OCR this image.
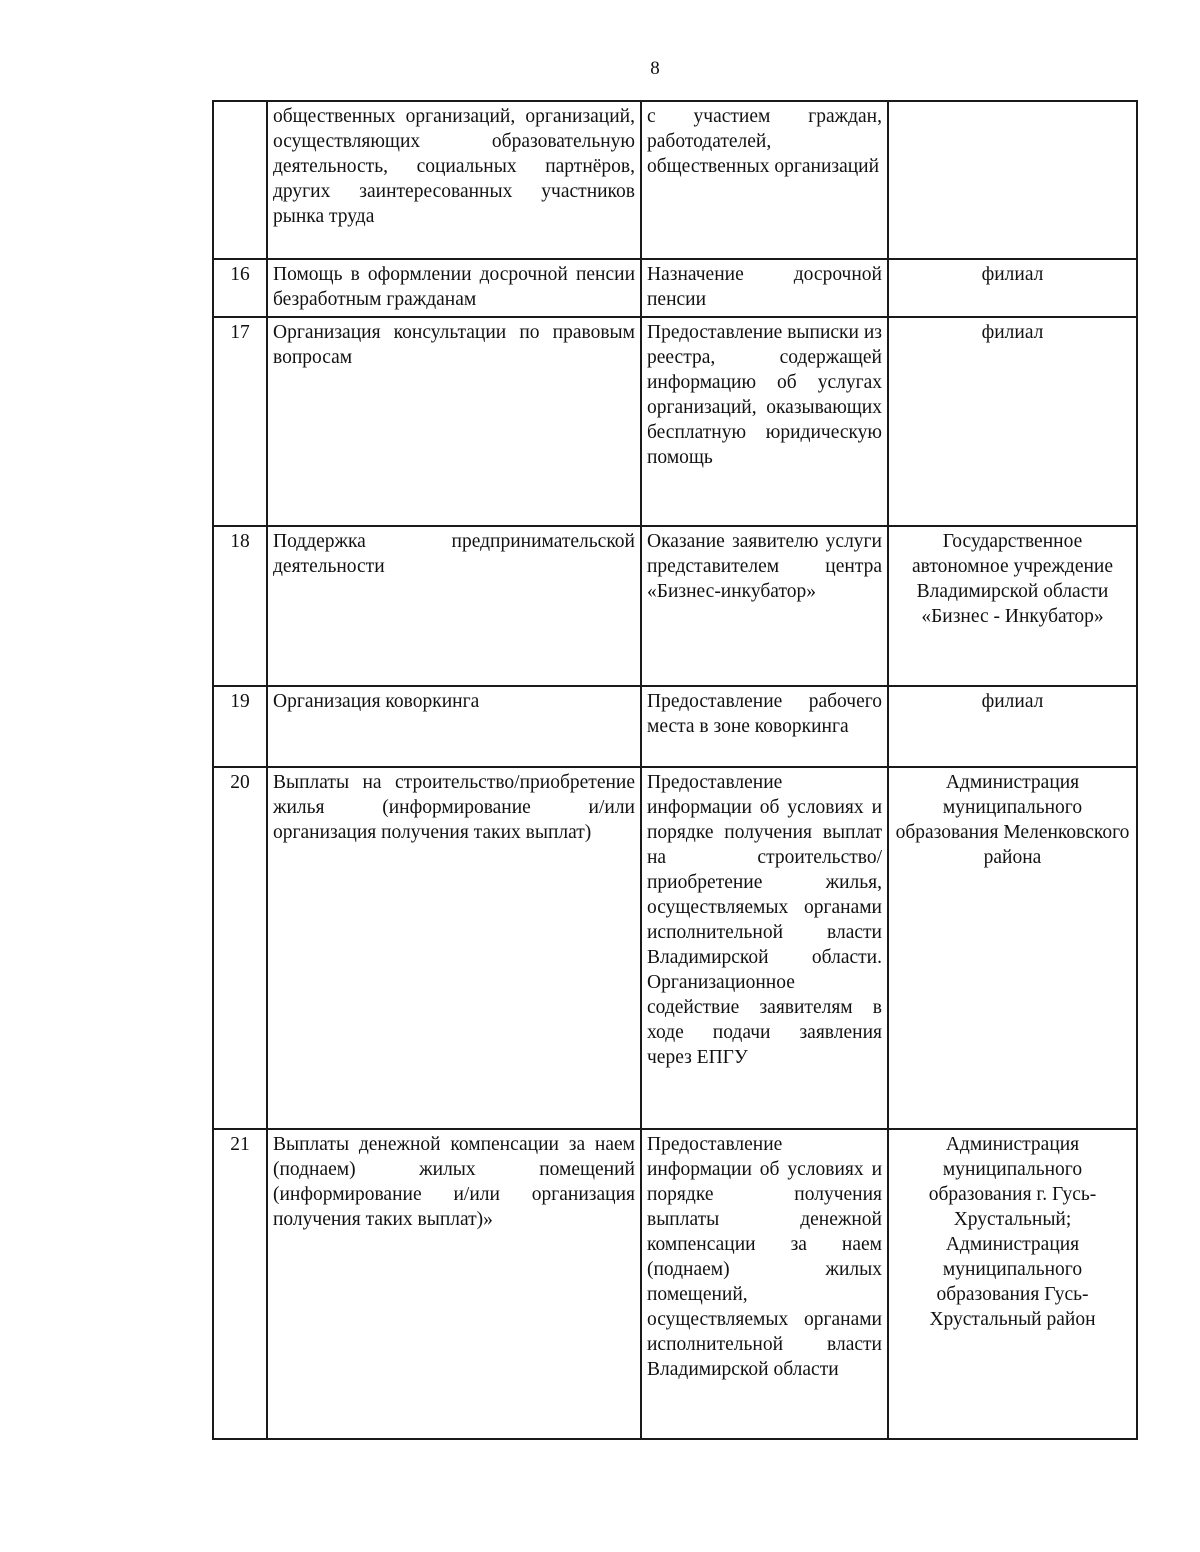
8
	общественных организаций, организаций, осуществляющих образовательную деятельность, социальных партнёров, других заинтересованных участников рынка труда	с участием граждан, работодателей, общественных организаций	
16	Помощь в оформлении досрочной пенсии безработным гражданам	Назначение досрочной пенсии	филиал
17	Организация консультации по правовым вопросам	Предоставление выписки из реестра, содержащей информацию об услугах организаций, оказывающих бесплатную юридическую помощь	филиал
18	Поддержка предпринимательской деятельности	Оказание заявителю услуги представителем центра «Бизнес-инкубатор»	Государственное автономное учреждение Владимирской области «Бизнес - Инкубатор»
19	Организация коворкинга	Предоставление рабочего места в зоне коворкинга	филиал
20	Выплаты на строительство/приобретение жилья (информирование и/или организация получения таких выплат)	Предоставление информации об условиях и порядке получения выплат на строительство/приобретение жилья, осуществляемых органами исполнительной власти Владимирской области. Организационное содействие заявителям в ходе подачи заявления через ЕПГУ	Администрация муниципального образования Меленковского района
21	Выплаты денежной компенсации за наем (поднаем) жилых помещений (информирование и/или организация получения таких выплат)»	Предоставление информации об условиях и порядке получения выплаты денежной компенсации за наем (поднаем) жилых помещений, осуществляемых органами исполнительной власти Владимирской области	Администрация муниципального образования г. Гусь-Хрустальный; Администрация муниципального образования Гусь-Хрустальный район
